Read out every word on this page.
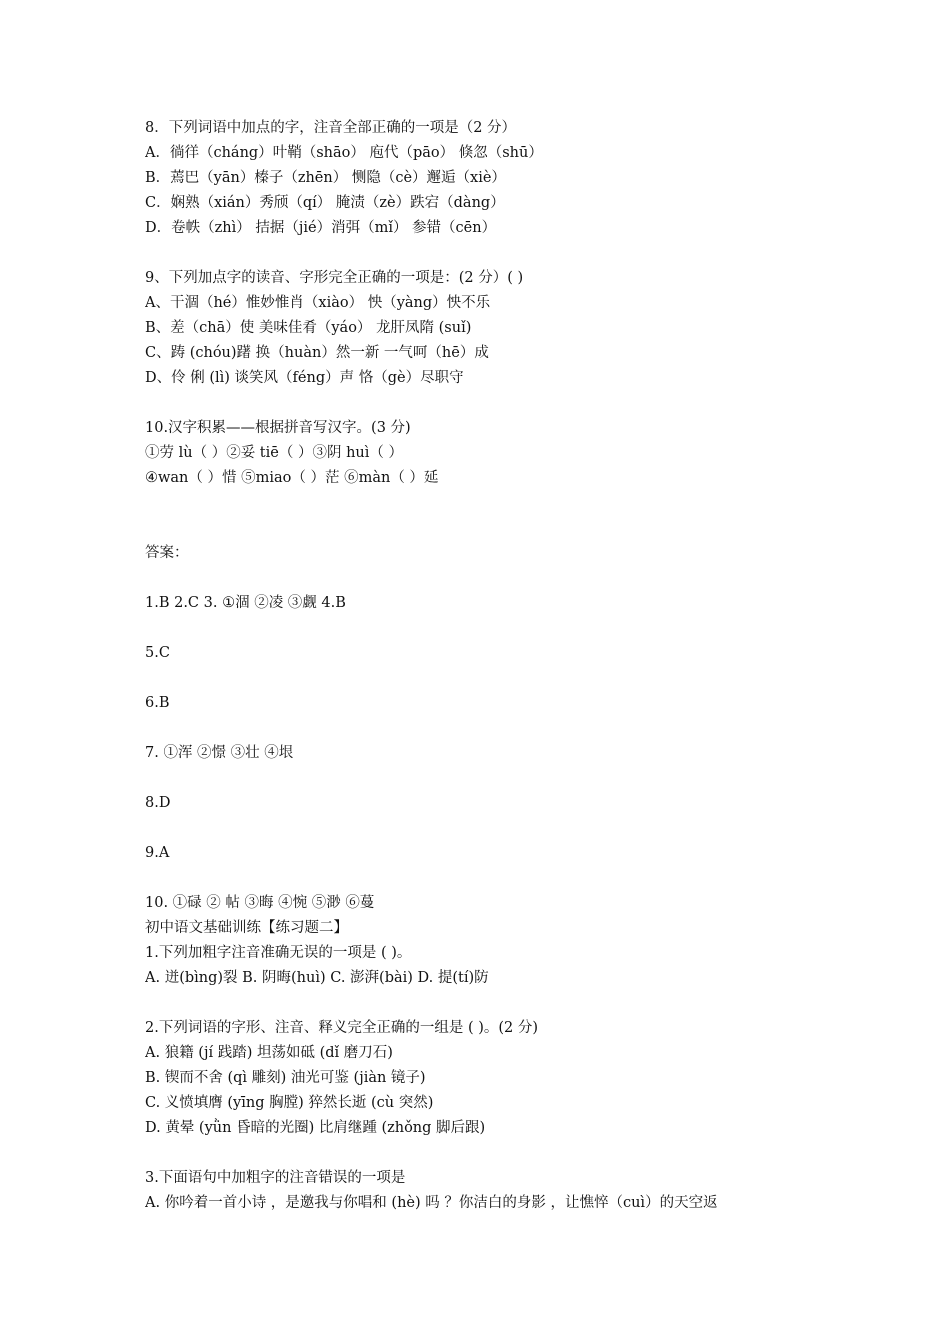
8．下列词语中加点的字，注音全部正确的一项是（2 分）
A．徜徉（cháng）叶鞘（shāo） 庖代（pāo） 倏忽（shū）
B．蔫巴（yān）榛子（zhēn） 恻隐（cè）邂逅（xiè）
C．娴熟（xián）秀颀（qí） 腌渍（zè）跌宕（dàng）
D．卷帙（zhì） 拮据（jié）消弭（mǐ） 参错（cēn）
9、下列加点字的读音、字形完全正确的一项是：(2 分）( )
A、干涸（hé）惟妙惟肖（xiào） 怏（yàng）怏不乐
B、差（chā）使 美味佳肴（yáo） 龙肝凤隋 (suǐ)
C、踌 (chóu)躇 换（huàn）然一新 一气呵（hē）成
D、伶 俐 (lì) 谈笑风（féng）声 恪（gè）尽职守
10.汉字积累——根据拼音写汉字。(3 分)
①劳 lù（ ）②妥 tiē（ ）③阴 huì（ ）
④wan（ ）惜 ⑤miao（ ）茫 ⑥màn（ ）延
答案：
1.B 2.C 3. ①涸 ②凌 ③觑 4.B
5.C
6.B
7. ①浑 ②憬 ③壮 ④垠
8.D
9.A
10. ①碌 ② 帖 ③晦 ④惋 ⑤渺 ⑥蔓
初中语文基础训练【练习题二】
1.下列加粗字注音准确无误的一项是 ( )。
A. 迸(bìng)裂 B. 阴晦(huì) C. 澎湃(bài) D. 提(tí)防
2.下列词语的字形、注音、释义完全正确的一组是 ( )。(2 分)
A. 狼籍 (jí 践踏) 坦荡如砥 (dǐ 磨刀石)
B. 锲而不舍 (qì 雕刻) 油光可鉴 (jiàn 镜子)
C. 义愤填膺 (yīng 胸膛) 猝然长逝 (cù 突然)
D. 黄晕 (yǜn 昏暗的光圈) 比肩继踵 (zhǒng 脚后跟)
3.下面语句中加粗字的注音错误的一项是
A. 你吟着一首小诗 ，是邀我与你唱和 (hè) 吗 ？你洁白的身影 ，让憔悴（cuì）的天空返
